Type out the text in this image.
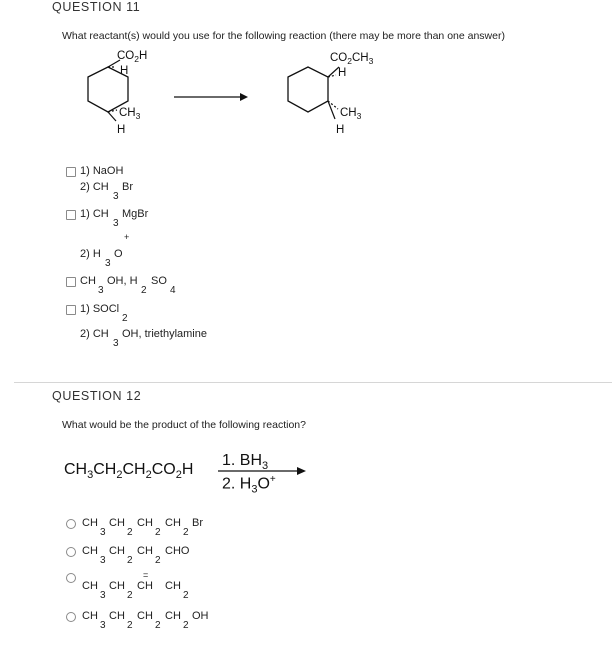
QUESTION 11
What reactant(s) would you use for the following reaction (there may be more than one answer)
$CO_2H$
H
$CH_3$
H
$CO_2CH_3$
H
$CH_3$
H
1) NaOH
2) CH
3
Br
1) CH
3
MgBr
+
2) H
3
O
CH
3
OH, H
2
SO
4
1) SOCl
2
2) CH
3
OH, triethylamine
QUESTION 12
What would be the product of the following reaction?
$CH_3CH_2CH_2CO_2H$
1. $BH_3$
2. $H_3O^+$
CH
3
CH
2
CH
2
CH
2
Br
CH
3
CH
2
CH
2
CHO
=
CH
3
CH
2
CH CH
2
CH
3
CH
2
CH
2
CH
2
OH
